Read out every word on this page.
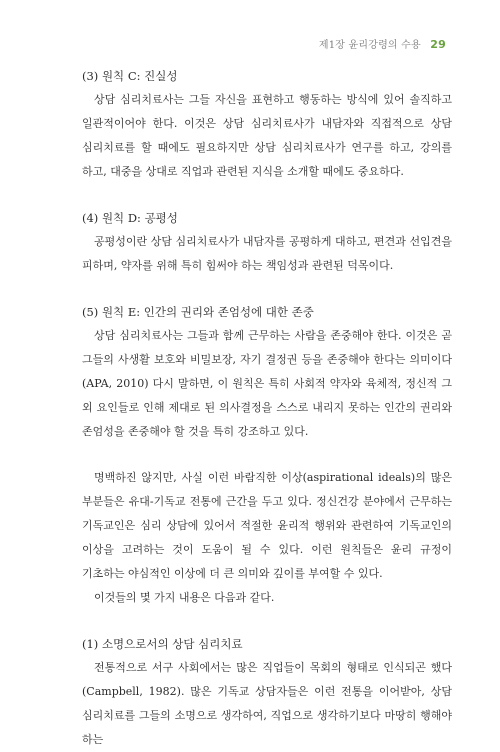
제1장 윤리강령의 수용 29
(3) 원칙 C: 진실성

상담 심리치료사는 그들 자신을 표현하고 행동하는 방식에 있어 솔직하고 일관적이어야 한다. 이것은 상담 심리치료사가 내담자와 직접적으로 상담 심리치료를 할 때에도 필요하지만 상담 심리치료사가 연구를 하고, 강의를 하고, 대중을 상대로 직업과 관련된 지식을 소개할 때에도 중요하다.

(4) 원칙 D: 공평성

공평성이란 상담 심리치료사가 내담자를 공평하게 대하고, 편견과 선입견을 피하며, 약자를 위해 특히 힘써야 하는 책임성과 관련된 덕목이다.

(5) 원칙 E: 인간의 권리와 존엄성에 대한 존중

상담 심리치료사는 그들과 함께 근무하는 사람을 존중해야 한다. 이것은 곧 그들의 사생활 보호와 비밀보장, 자기 결정권 등을 존중해야 한다는 의미이다(APA, 2010) 다시 말하면, 이 원칙은 특히 사회적 약자와 육체적, 정신적 그 외 요인들로 인해 제대로 된 의사결정을 스스로 내리지 못하는 인간의 권리와 존엄성을 존중해야 할 것을 특히 강조하고 있다.

명백하진 않지만, 사실 이런 바람직한 이상(aspirational ideals)의 많은 부분들은 유대-기독교 전통에 근간을 두고 있다. 정신건강 분야에서 근무하는 기독교인은 심리 상담에 있어서 적절한 윤리적 행위와 관련하여 기독교인의 이상을 고려하는 것이 도움이 될 수 있다. 이런 원칙들은 윤리 규정이 기초하는 야심적인 이상에 더 큰 의미와 깊이를 부여할 수 있다.

이것들의 몇 가지 내용은 다음과 같다.

(1) 소명으로서의 상담 심리치료

전통적으로 서구 사회에서는 많은 직업들이 목회의 형태로 인식되곤 했다(Campbell, 1982). 많은 기독교 상담자들은 이런 전통을 이어받아, 상담 심리치료를 그들의 소명으로 생각하여, 직업으로 생각하기보다 마땅히 행해야 하는
